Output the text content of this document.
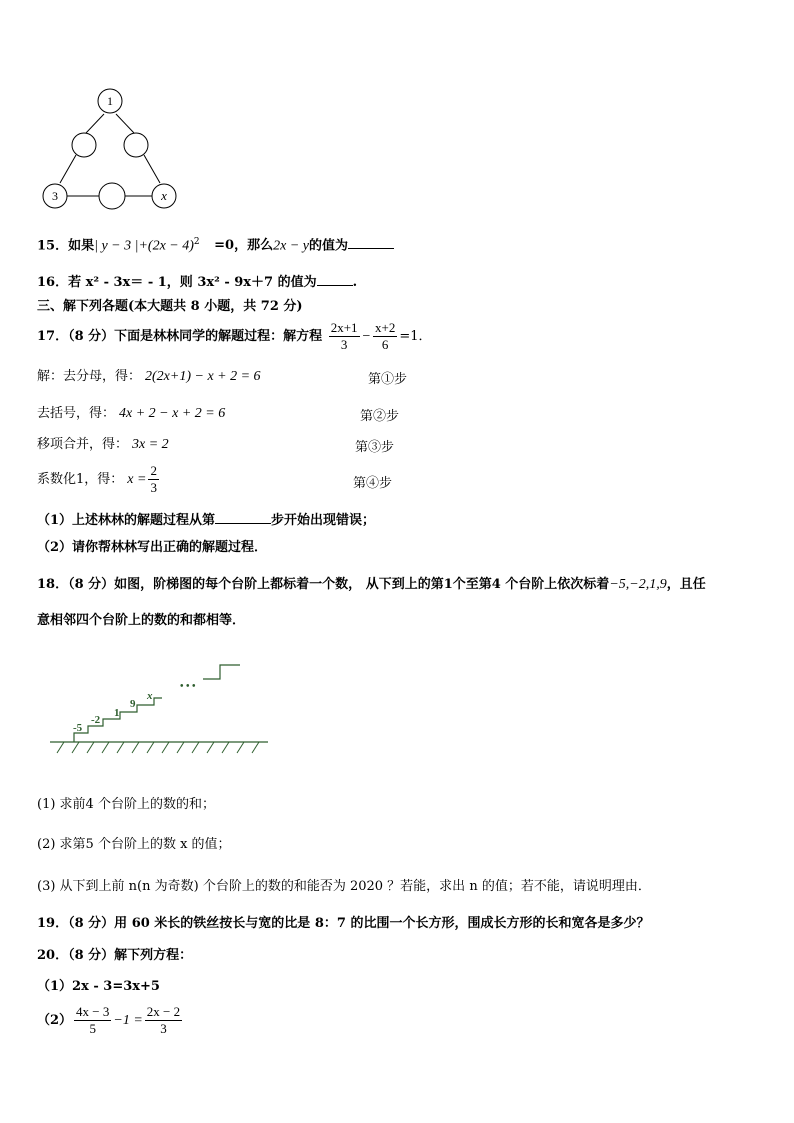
1
3	x
15．如果| y − 3 $|+(2x - 4)^2 =0$，那么2x − y的值为
16．若 x² - 3x＝ - 1，则 3x² - 9x＋7 的值为	.
三、解下列各题(本大题共 8 小题，共 72 分)
17．（8 分）下面是林林同学的解题过程：解方程 $\frac{2x+1}{3} - \frac{x+2}{6} =1$．
解：去分母，得： 2(2x+1) − x + 2 = 6	第①步
去括号，得： 4x + 2 − x + 2 = 6	第②步
移项合并，得： 3x = 2	第③步
系数化1，得： $x = \frac{2}{3}$	第④步
（1）上述林林的解题过程从第	步开始出现错误；
（2）请你帮林林写出正确的解题过程．
18．（8 分）如图，阶梯图的每个台阶上都标着一个数， 从下到上的第1个至第4 个台阶上依次标着−5,−2,1,9，且任
意相邻四个台阶上的数的和都相等．
-5
-2
1
9
x
• • •
(1) 求前4 个台阶上的数的和；
(2) 求第5 个台阶上的数 x 的值；
(3) 从下到上前 n(n 为奇数) 个台阶上的数的和能否为 2020 ？若能，求出 n 的值；若不能，请说明理由．
19．（8 分）用 60 米长的铁丝按长与宽的比是 8：7 的比围一个长方形，围成长方形的长和宽各是多少？
20．（8 分）解下列方程：
（1）2x - 3=3x+5
$(2) \frac{4x - 3}{5} -1 = \frac{2x - 2}{3}$
